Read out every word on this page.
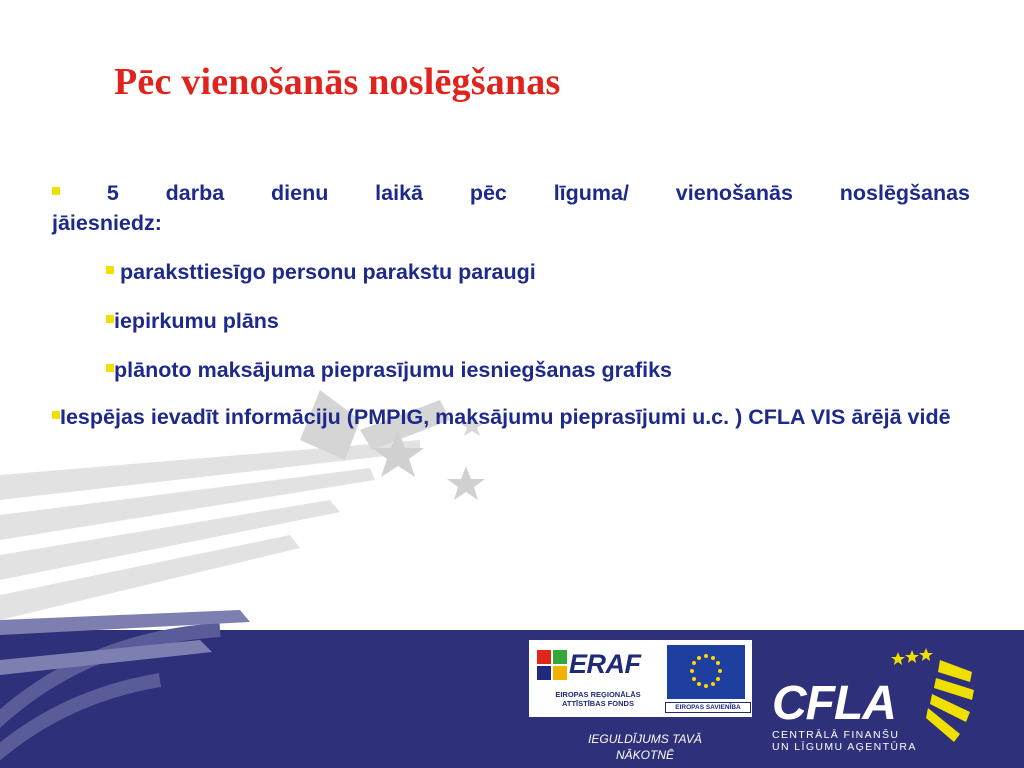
Pēc vienošanās noslēgšanas

5 darba dienu laikā pēc līguma/ vienošanās noslēgšanas
jāiesniedz:

paraksttiesīgo personu parakstu paraugi

iepirkumu plāns

plānoto maksājuma pieprasījumu iesniegšanas grafiks

Iespējas ievadīt informāciju (PMPIG, maksājumu pieprasījumi u.c. ) CFLA VIS ārējā vidē

ERAF
EIROPAS REĢIONĀLĀS
ATTĪSTĪBAS FONDS	EIROPAS SAVIENĪBA
IEGULDĪJUMS TAVĀ
NĀKOTNĒ
CFLA
CENTRĀLĀ FINANŠU
UN LĪGUMU AĢENTŪRA
